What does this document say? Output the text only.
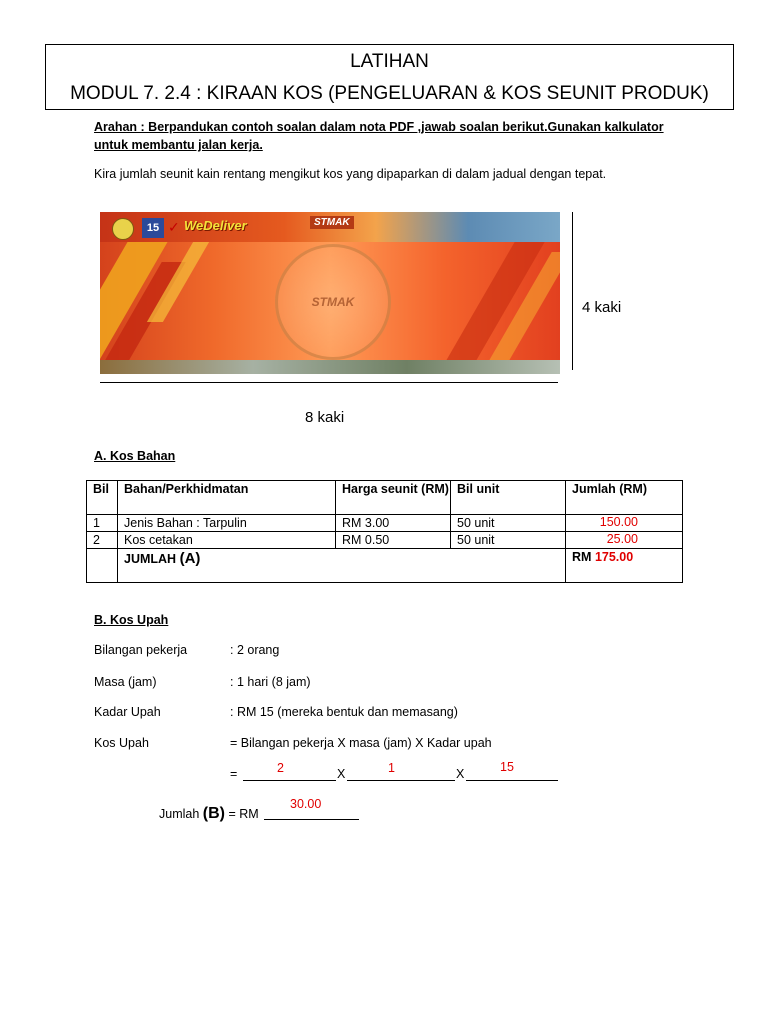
LATIHAN
MODUL 7. 2.4 : KIRAAN KOS (PENGELUARAN & KOS SEUNIT PRODUK)
Arahan : Berpandukan contoh soalan dalam nota PDF ,jawab soalan berikut.Gunakan kalkulator
untuk membantu jalan kerja.
Kira jumlah seunit kain rentang mengikut kos yang dipaparkan di dalam jadual dengan tepat.
STMAK
15 ✓ WeDeliver	STMAK
4 kaki
8 kaki
A. Kos Bahan
Bil	Bahan/Perkhidmatan	Harga seunit (RM)	Bil unit	Jumlah (RM)
1	Jenis Bahan : Tarpulin	RM 3.00	50 unit	150.00

2	Kos cetakan	RM 0.50	50 unit	25.00

	JUMLAH (A)			RM 175.00
B. Kos Upah
Bilangan pekerja	: 2 orang
Masa (jam)	: 1 hari (8 jam)
Kadar Upah	: RM 15 (mereka bentuk dan memasang)
Kos Upah	= Bilangan pekerja X masa (jam) X Kadar upah
=	2	X	1	X	15
Jumlah (B) = RM
30.00
